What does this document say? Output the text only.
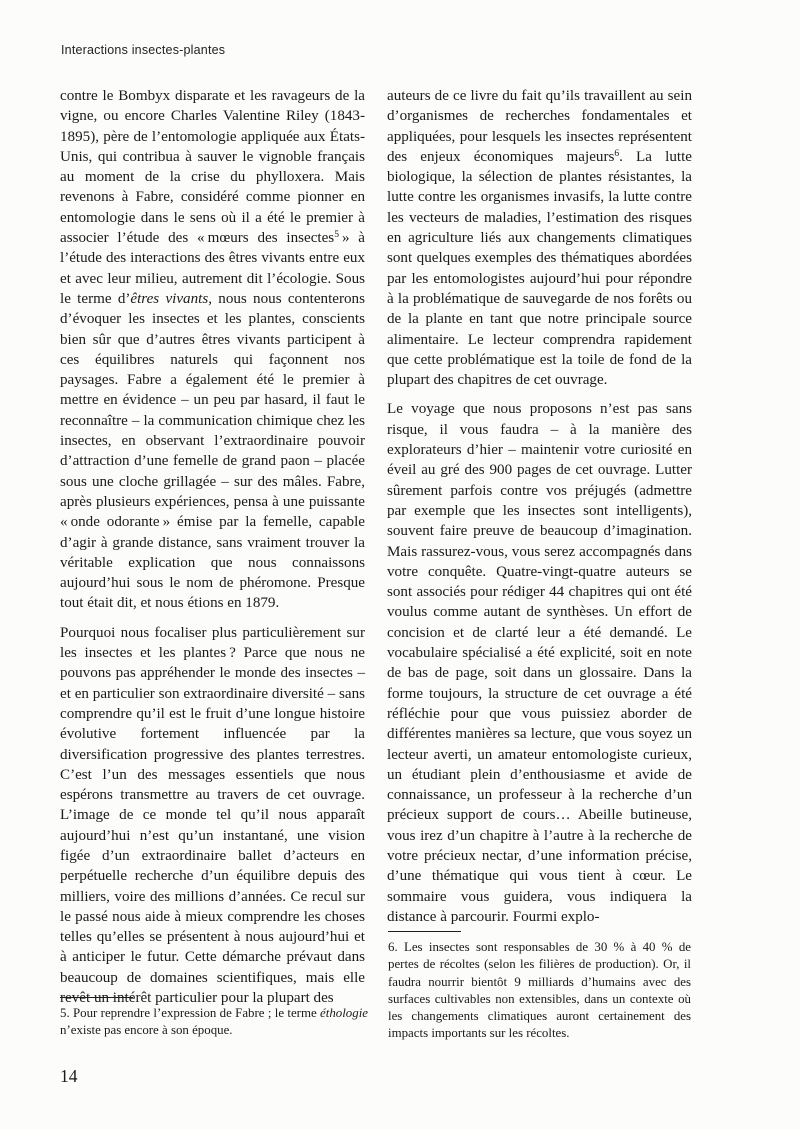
Interactions insectes-plantes

contre le Bombyx disparate et les ravageurs de la vigne, ou encore Charles Valentine Riley (1843-1895), père de l’entomologie appliquée aux États-Unis, qui contribua à sauver le vignoble français au moment de la crise du phylloxera. Mais revenons à Fabre, considéré comme pionner en entomologie dans le sens où il a été le premier à associer l’étude des « mœurs des insectes$^5$ » à l’étude des interactions des êtres vivants entre eux et avec leur milieu, autrement dit l’écologie. Sous le terme d’êtres vivants, nous nous contenterons d’évoquer les insectes et les plantes, conscients bien sûr que d’autres êtres vivants participent à ces équilibres naturels qui façonnent nos paysages. Fabre a également été le premier à mettre en évidence – un peu par hasard, il faut le reconnaître – la communication chimique chez les insectes, en observant l’extraordinaire pouvoir d’attraction d’une femelle de grand paon – placée sous une cloche grillagée – sur des mâles. Fabre, après plusieurs expériences, pensa à une puissante « onde odorante » émise par la femelle, capable d’agir à grande distance, sans vraiment trouver la véritable explication que nous connaissons aujourd’hui sous le nom de phéromone. Presque tout était dit, et nous étions en 1879.

Pourquoi nous focaliser plus particulièrement sur les insectes et les plantes ? Parce que nous ne pouvons pas appréhender le monde des insectes – et en particulier son extraordinaire diversité – sans comprendre qu’il est le fruit d’une longue histoire évolutive fortement influencée par la diversification progressive des plantes terrestres. C’est l’un des messages essentiels que nous espérons transmettre au travers de cet ouvrage. L’image de ce monde tel qu’il nous apparaît aujourd’hui n’est qu’un instantané, une vision figée d’un extraordinaire ballet d’acteurs en perpétuelle recherche d’un équilibre depuis des milliers, voire des millions d’années. Ce recul sur le passé nous aide à mieux comprendre les choses telles qu’elles se présentent à nous aujourd’hui et à anticiper le futur. Cette démarche prévaut dans beaucoup de domaines scientifiques, mais elle revêt un intérêt particulier pour la plupart des

auteurs de ce livre du fait qu’ils travaillent au sein d’organismes de recherches fondamentales et appliquées, pour lesquels les insectes représentent des enjeux économiques majeurs$^6$. La lutte biologique, la sélection de plantes résistantes, la lutte contre les organismes invasifs, la lutte contre les vecteurs de maladies, l’estimation des risques en agriculture liés aux changements climatiques sont quelques exemples des thématiques abordées par les entomologistes aujourd’hui pour répondre à la problématique de sauvegarde de nos forêts ou de la plante en tant que notre principale source alimentaire. Le lecteur comprendra rapidement que cette problématique est la toile de fond de la plupart des chapitres de cet ouvrage.

Le voyage que nous proposons n’est pas sans risque, il vous faudra – à la manière des explorateurs d’hier – maintenir votre curiosité en éveil au gré des 900 pages de cet ouvrage. Lutter sûrement parfois contre vos préjugés (admettre par exemple que les insectes sont intelligents), souvent faire preuve de beaucoup d’imagination. Mais rassurez-vous, vous serez accompagnés dans votre conquête. Quatre-vingt-quatre auteurs se sont associés pour rédiger 44 chapitres qui ont été voulus comme autant de synthèses. Un effort de concision et de clarté leur a été demandé. Le vocabulaire spécialisé a été explicité, soit en note de bas de page, soit dans un glossaire. Dans la forme toujours, la structure de cet ouvrage a été réfléchie pour que vous puissiez aborder de différentes manières sa lecture, que vous soyez un lecteur averti, un amateur entomologiste curieux, un étudiant plein d’enthousiasme et avide de connaissance, un professeur à la recherche d’un précieux support de cours… Abeille butineuse, vous irez d’un chapitre à l’autre à la recherche de votre précieux nectar, d’une information précise, d’une thématique qui vous tient à cœur. Le sommaire vous guidera, vous indiquera la distance à parcourir. Fourmi explo-

5. Pour reprendre l’expression de Fabre ; le terme éthologie n’existe pas encore à son époque.

6. Les insectes sont responsables de 30 % à 40 % de pertes de récoltes (selon les filières de production). Or, il faudra nourrir bientôt 9 milliards d’humains avec des surfaces cultivables non extensibles, dans un contexte où les changements climatiques auront certainement des impacts importants sur les récoltes.

14
